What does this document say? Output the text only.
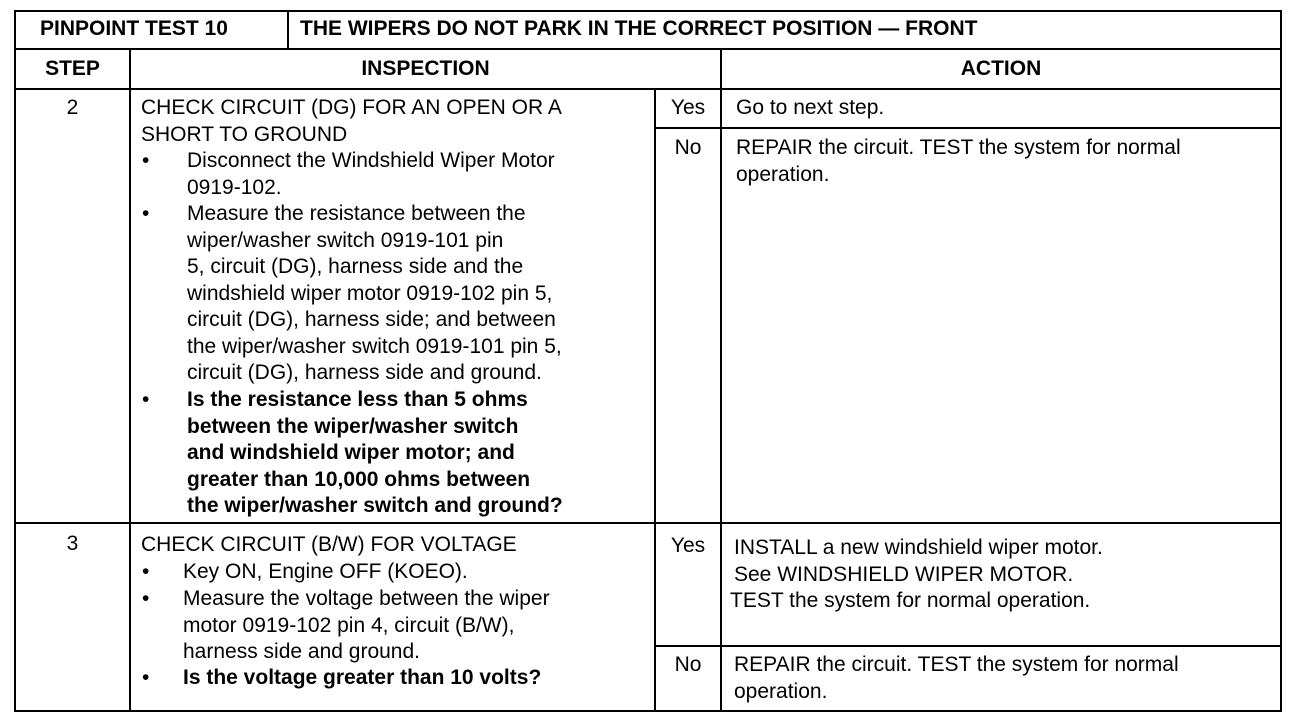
PINPOINT TEST 10	THE WIPERS DO NOT PARK IN THE CORRECT POSITION — FRONT
STEP	INSPECTION	ACTION
2	CHECK CIRCUIT (DG) FOR AN OPEN OR A
SHORT TO GROUND
• Disconnect the Windshield Wiper Motor
0919-102.
• Measure the resistance between the
wiper/washer switch 0919-101 pin
5, circuit (DG), harness side and the
windshield wiper motor 0919-102 pin 5,
circuit (DG), harness side; and between
the wiper/washer switch 0919-101 pin 5,
circuit (DG), harness side and ground.
• Is the resistance less than 5 ohms
between the wiper/washer switch
and windshield wiper motor; and
greater than 10,000 ohms between
the wiper/washer switch and ground?
Yes	Go to next step.
No	REPAIR the circuit. TEST the system for normal
operation.
3	CHECK CIRCUIT (B/W) FOR VOLTAGE
• Key ON, Engine OFF (KOEO).
• Measure the voltage between the wiper
motor 0919-102 pin 4, circuit (B/W),
harness side and ground.
• Is the voltage greater than 10 volts?
Yes	INSTALL a new windshield wiper motor.
See WINDSHIELD WIPER MOTOR.
TEST the system for normal operation.
No	REPAIR the circuit. TEST the system for normal
operation.
